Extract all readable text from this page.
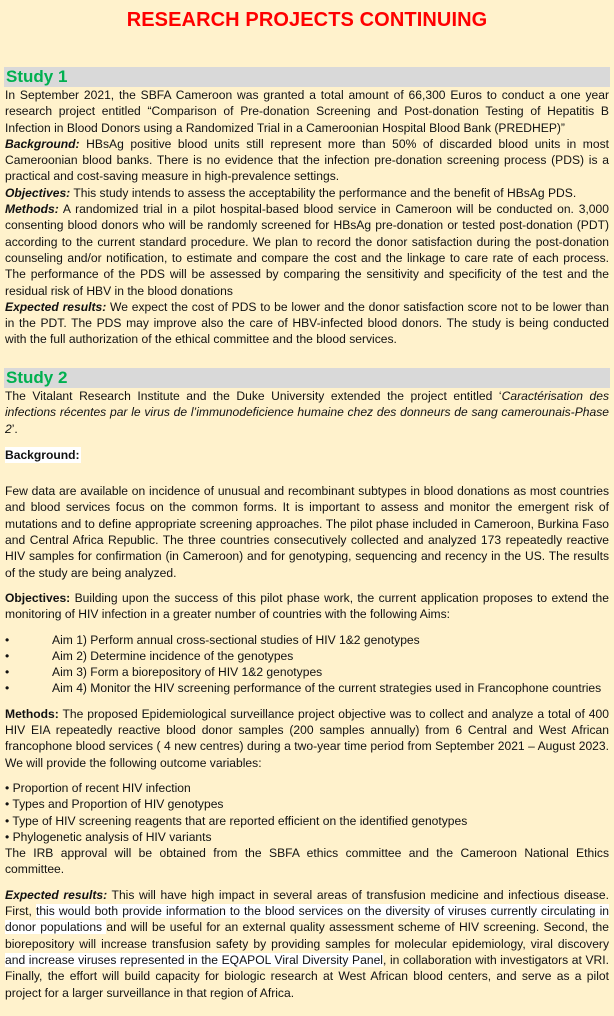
RESEARCH PROJECTS CONTINUING
Study 1

In September 2021, the SBFA Cameroon was granted a total amount of 66,300 Euros to conduct a one year research project entitled “Comparison of Pre-donation Screening and Post-donation Testing of Hepatitis B Infection in Blood Donors using a Randomized Trial in a Cameroonian Hospital Blood Bank (PREDHEP)”

Background: HBsAg positive blood units still represent more than 50% of discarded blood units in most Cameroonian blood banks. There is no evidence that the infection pre-donation screening process (PDS) is a practical and cost-saving measure in high-prevalence settings.

Objectives: This study intends to assess the acceptability the performance and the benefit of HBsAg PDS.

Methods: A randomized trial in a pilot hospital-based blood service in Cameroon will be conducted on. 3,000 consenting blood donors who will be randomly screened for HBsAg pre-donation or tested post-donation (PDT) according to the current standard procedure. We plan to record the donor satisfaction during the post-donation counseling and/or notification, to estimate and compare the cost and the linkage to care rate of each process. The performance of the PDS will be assessed by comparing the sensitivity and specificity of the test and the residual risk of HBV in the blood donations

Expected results: We expect the cost of PDS to be lower and the donor satisfaction score not to be lower than in the PDT. The PDS may improve also the care of HBV-infected blood donors. The study is being conducted with the full authorization of the ethical committee and the blood services.

Study 2

The Vitalant Research Institute and the Duke University extended the project entitled ‘Caractérisation des infections récentes par le virus de l’immunodeficience humaine chez des donneurs de sang camerounais-Phase 2’.

Background:

Few data are available on incidence of unusual and recombinant subtypes in blood donations as most countries and blood services focus on the common forms. It is important to assess and monitor the emergent risk of mutations and to define appropriate screening approaches. The pilot phase included in Cameroon, Burkina Faso and Central Africa Republic. The three countries consecutively collected and analyzed 173 repeatedly reactive HIV samples for confirmation (in Cameroon) and for genotyping, sequencing and recency in the US. The results of the study are being analyzed.

Objectives: Building upon the success of this pilot phase work, the current application proposes to extend the monitoring of HIV infection in a greater number of countries with the following Aims:

•	Aim 1) Perform annual cross-sectional studies of HIV 1&2 genotypes
•	Aim 2) Determine incidence of the genotypes
•	Aim 3) Form a biorepository of HIV 1&2 genotypes
•	Aim 4) Monitor the HIV screening performance of the current strategies used in Francophone countries

Methods: The proposed Epidemiological surveillance project objective was to collect and analyze a total of 400 HIV EIA repeatedly reactive blood donor samples (200 samples annually) from 6 Central and West African francophone blood services ( 4 new centres) during a two-year time period from September 2021 – August 2023. We will provide the following outcome variables:

• Proportion of recent HIV infection
• Types and Proportion of HIV genotypes
• Type of HIV screening reagents that are reported efficient on the identified genotypes
• Phylogenetic analysis of HIV variants

The IRB approval will be obtained from the SBFA ethics committee and the Cameroon National Ethics committee.

Expected results: This will have high impact in several areas of transfusion medicine and infectious disease. First, this would both provide information to the blood services on the diversity of viruses currently circulating in donor populations and will be useful for an external quality assessment scheme of HIV screening. Second, the biorepository will increase transfusion safety by providing samples for molecular epidemiology, viral discovery and increase viruses represented in the EQAPOL Viral Diversity Panel, in collaboration with investigators at VRI. Finally, the effort will build capacity for biologic research at West African blood centers, and serve as a pilot project for a larger surveillance in that region of Africa.
